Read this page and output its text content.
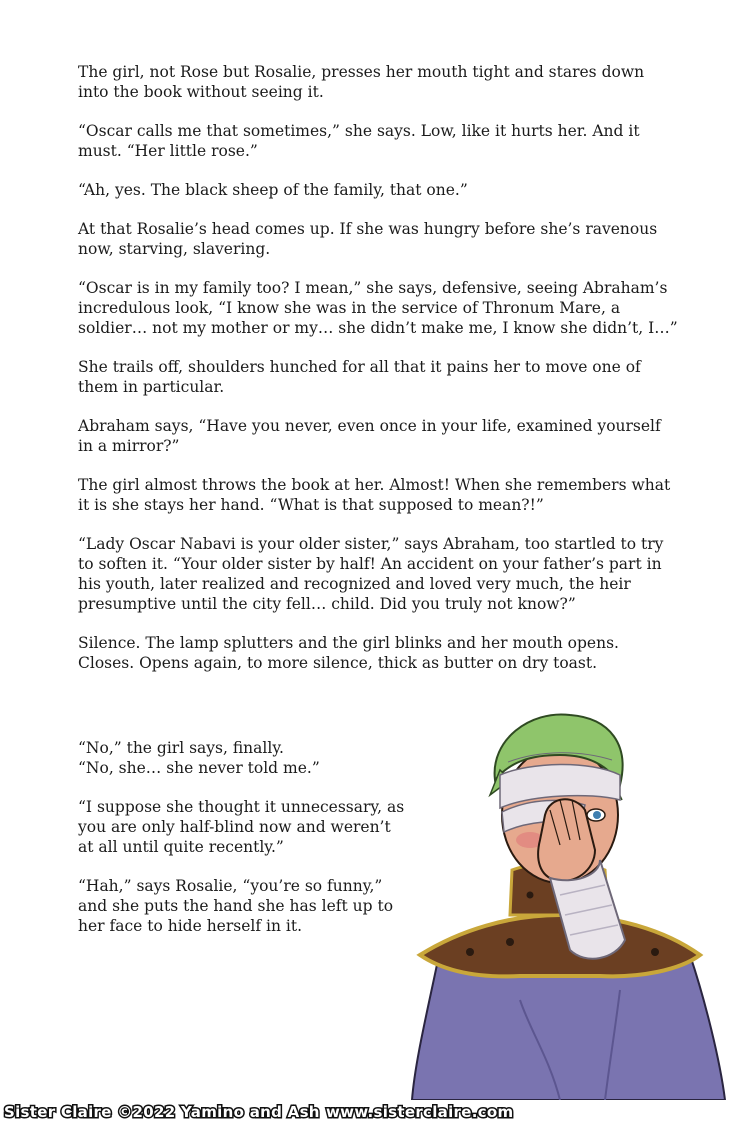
The girl, not Rose but Rosalie, presses her mouth tight and stares down into the book without seeing it.

“Oscar calls me that sometimes,” she says. Low, like it hurts her. And it must. “Her little rose.”

“Ah, yes. The black sheep of the family, that one.”

At that Rosalie’s head comes up. If she was hungry before she’s ravenous now, starving, slavering.

“Oscar is in my family too? I mean,” she says, defensive, seeing Abraham’s incredulous look, “I know she was in the service of Thronum Mare, a soldier… not my mother or my… she didn’t make me, I know she didn’t, I…”

She trails off, shoulders hunched for all that it pains her to move one of them in particular.

Abraham says, “Have you never, even once in your life, examined yourself in a mirror?”

The girl almost throws the book at her. Almost! When she remembers what it is she stays her hand. “What is that supposed to mean?!”

“Lady Oscar Nabavi is your older sister,” says Abraham, too startled to try to soften it. “Your older sister by half! An accident on your father’s part in his youth, later realized and recognized and loved very much, the heir presumptive until the city fell… child. Did you truly not know?”

Silence. The lamp splutters and the girl blinks and her mouth opens. Closes. Opens again, to more silence, thick as butter on dry toast.

“No,” the girl says, finally.
“No, she… she never told me.”

“I suppose she thought it unnecessary, as you are only half-blind now and weren’t at all until quite recently.”

“Hah,” says Rosalie, “you’re so funny,” and she puts the hand she has left up to her face to hide herself in it.

Sister Claire ©2022 Yamino and Ash www.sisterclaire.com
